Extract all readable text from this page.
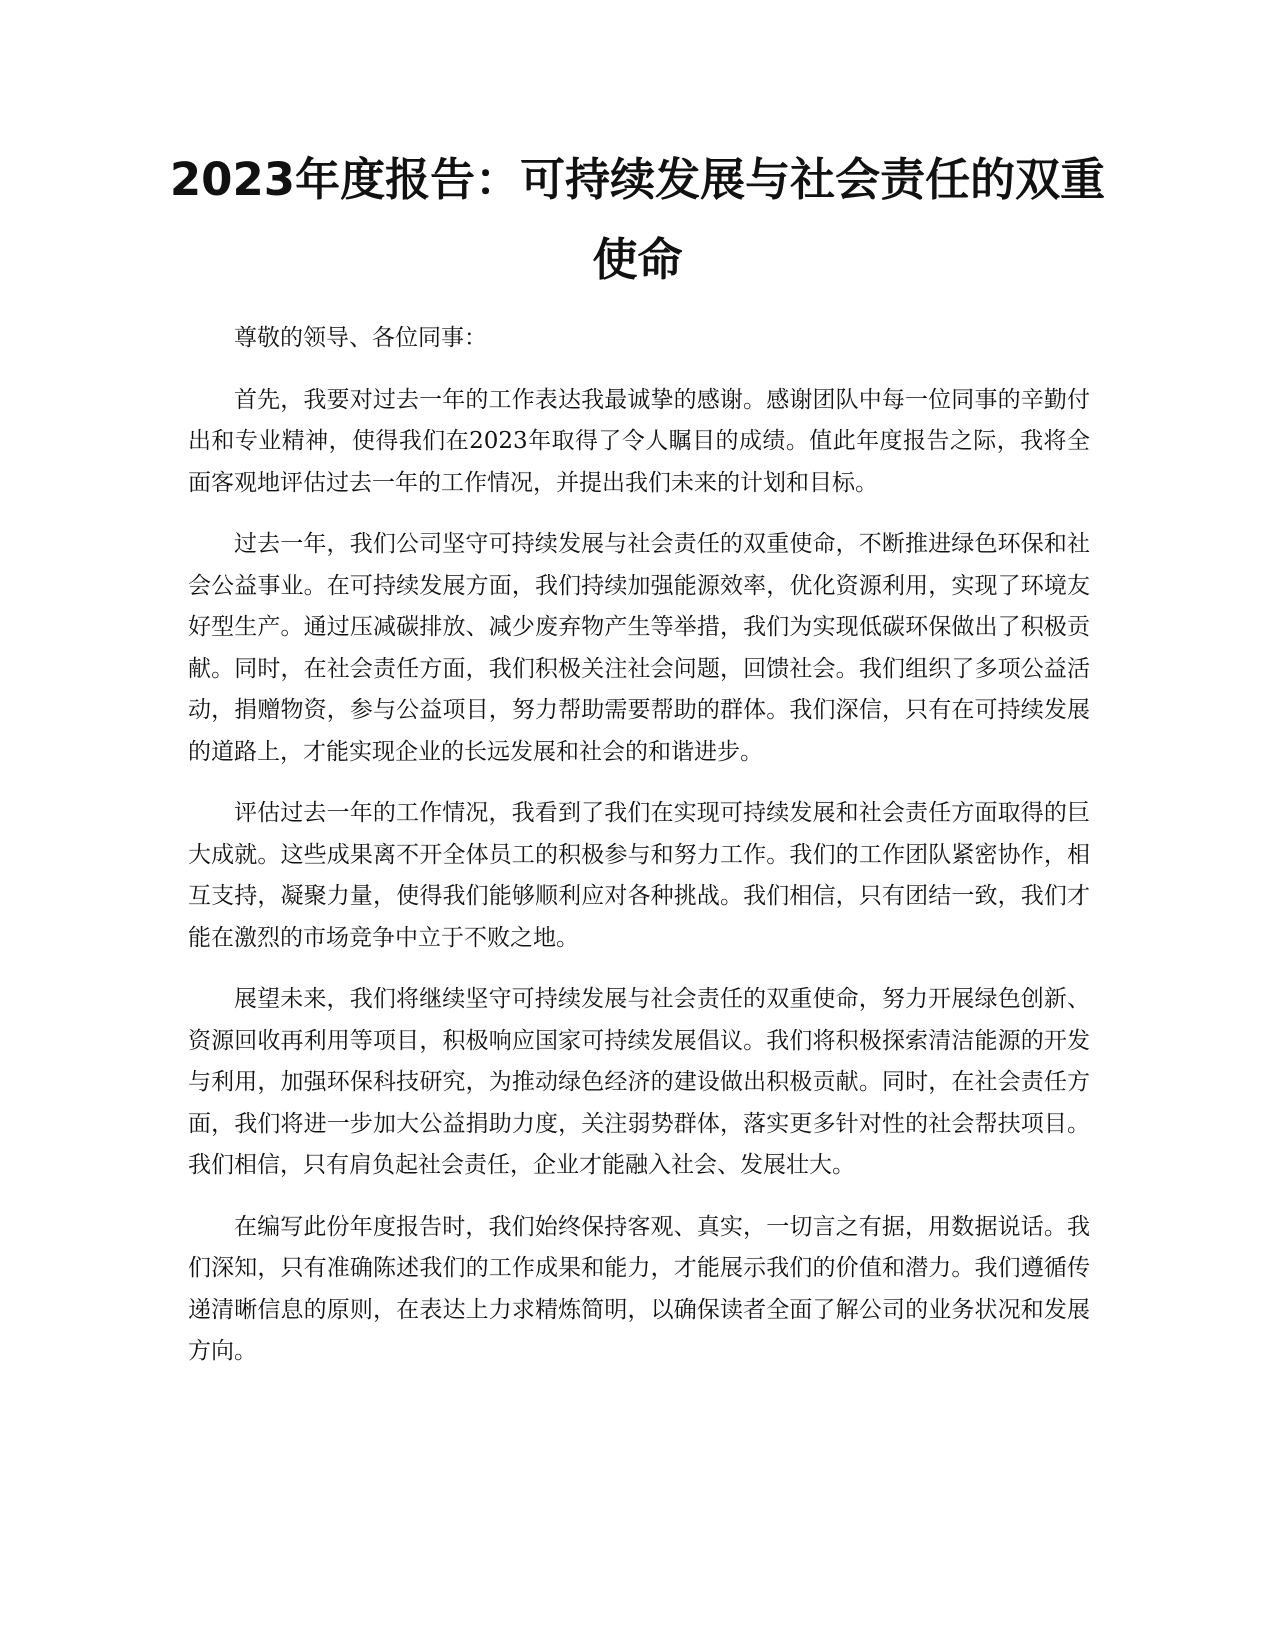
2023年度报告：可持续发展与社会责任的双重使命

尊敬的领导、各位同事：

首先，我要对过去一年的工作表达我最诚挚的感谢。感谢团队中每一位同事的辛勤付出和专业精神，使得我们在2023年取得了令人瞩目的成绩。值此年度报告之际，我将全面客观地评估过去一年的工作情况，并提出我们未来的计划和目标。

过去一年，我们公司坚守可持续发展与社会责任的双重使命，不断推进绿色环保和社会公益事业。在可持续发展方面，我们持续加强能源效率，优化资源利用，实现了环境友好型生产。通过压减碳排放、减少废弃物产生等举措，我们为实现低碳环保做出了积极贡献。同时，在社会责任方面，我们积极关注社会问题，回馈社会。我们组织了多项公益活动，捐赠物资，参与公益项目，努力帮助需要帮助的群体。我们深信，只有在可持续发展的道路上，才能实现企业的长远发展和社会的和谐进步。

评估过去一年的工作情况，我看到了我们在实现可持续发展和社会责任方面取得的巨大成就。这些成果离不开全体员工的积极参与和努力工作。我们的工作团队紧密协作，相互支持，凝聚力量，使得我们能够顺利应对各种挑战。我们相信，只有团结一致，我们才能在激烈的市场竞争中立于不败之地。

展望未来，我们将继续坚守可持续发展与社会责任的双重使命，努力开展绿色创新、资源回收再利用等项目，积极响应国家可持续发展倡议。我们将积极探索清洁能源的开发与利用，加强环保科技研究，为推动绿色经济的建设做出积极贡献。同时，在社会责任方面，我们将进一步加大公益捐助力度，关注弱势群体，落实更多针对性的社会帮扶项目。我们相信，只有肩负起社会责任，企业才能融入社会、发展壮大。

在编写此份年度报告时，我们始终保持客观、真实，一切言之有据，用数据说话。我们深知，只有准确陈述我们的工作成果和能力，才能展示我们的价值和潜力。我们遵循传递清晰信息的原则，在表达上力求精炼简明，以确保读者全面了解公司的业务状况和发展方向。
